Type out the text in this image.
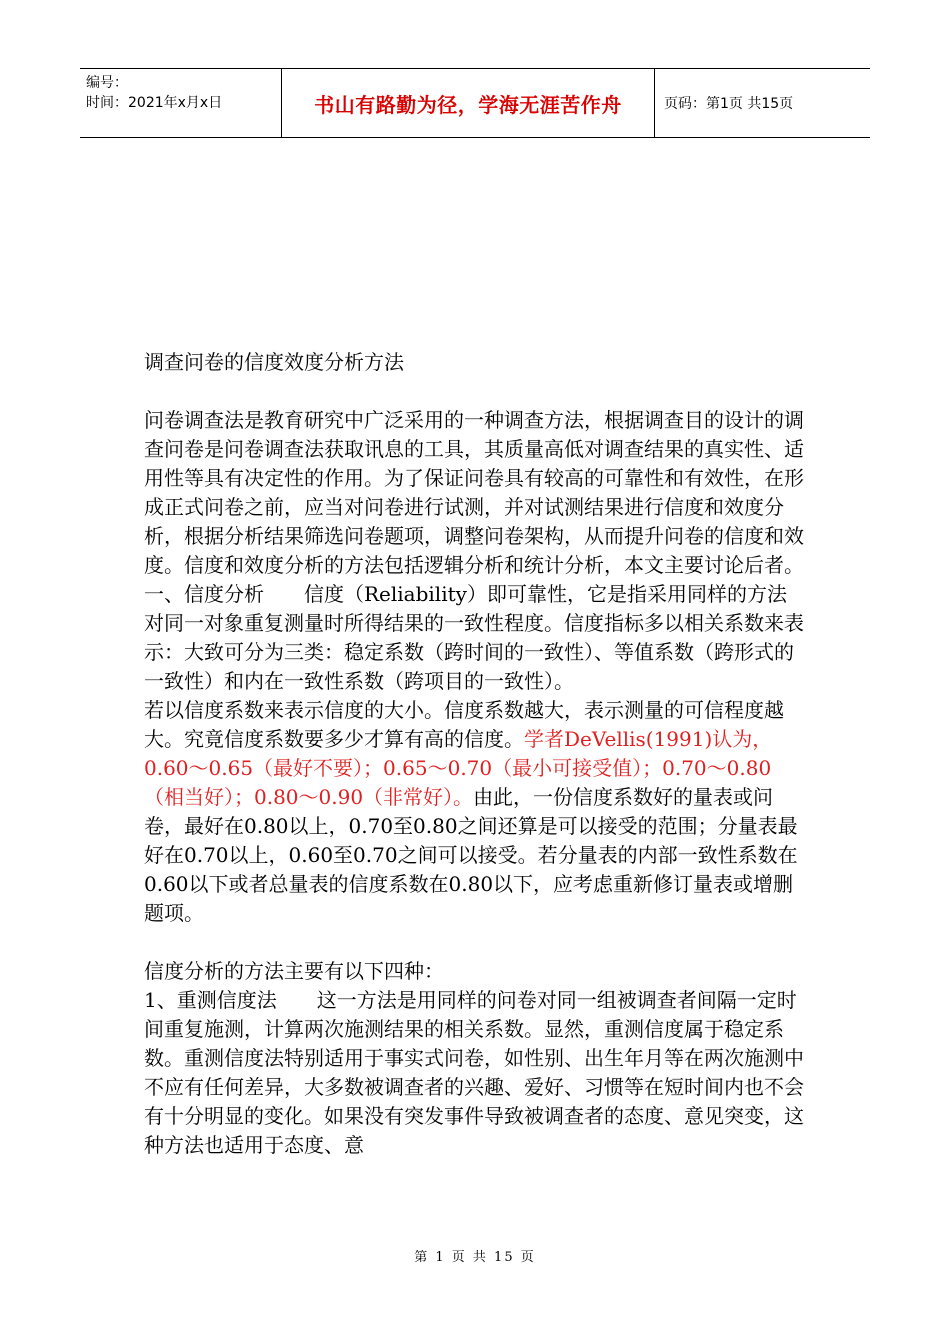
编号：
时间：2021年x月x日	书山有路勤为径，学海无涯苦作舟	页码：第1页 共15页

调查问卷的信度效度分析方法

问卷调查法是教育研究中广泛采用的一种调查方法，根据调查目的设计的调查问卷是问卷调查法获取讯息的工具，其质量高低对调查结果的真实性、适用性等具有决定性的作用。为了保证问卷具有较高的可靠性和有效性，在形成正式问卷之前，应当对问卷进行试测，并对试测结果进行信度和效度分析，根据分析结果筛选问卷题项，调整问卷架构，从而提升问卷的信度和效度。信度和效度分析的方法包括逻辑分析和统计分析，本文主要讨论后者。

一、信度分析　　信度（Reliability）即可靠性，它是指采用同样的方法对同一对象重复测量时所得结果的一致性程度。信度指标多以相关系数来表示：大致可分为三类：稳定系数（跨时间的一致性）、等值系数（跨形式的一致性）和内在一致性系数（跨项目的一致性）。

若以信度系数来表示信度的大小。信度系数越大，表示测量的可信程度越大。究竟信度系数要多少才算有高的信度。学者DeVellis(1991)认为，0.60～0.65（最好不要）；0.65～0.70（最小可接受值）；0.70～0.80（相当好）；0.80～0.90（非常好）。由此，一份信度系数好的量表或问卷，最好在0.80以上，0.70至0.80之间还算是可以接受的范围；分量表最好在0.70以上，0.60至0.70之间可以接受。若分量表的内部一致性系数在0.60以下或者总量表的信度系数在0.80以下，应考虑重新修订量表或增删题项。

信度分析的方法主要有以下四种：

1、重测信度法　　这一方法是用同样的问卷对同一组被调查者间隔一定时间重复施测，计算两次施测结果的相关系数。显然，重测信度属于稳定系数。重测信度法特别适用于事实式问卷，如性别、出生年月等在两次施测中不应有任何差异，大多数被调查者的兴趣、爱好、习惯等在短时间内也不会有十分明显的变化。如果没有突发事件导致被调查者的态度、意见突变，这种方法也适用于态度、意

第 1 页 共 15 页
